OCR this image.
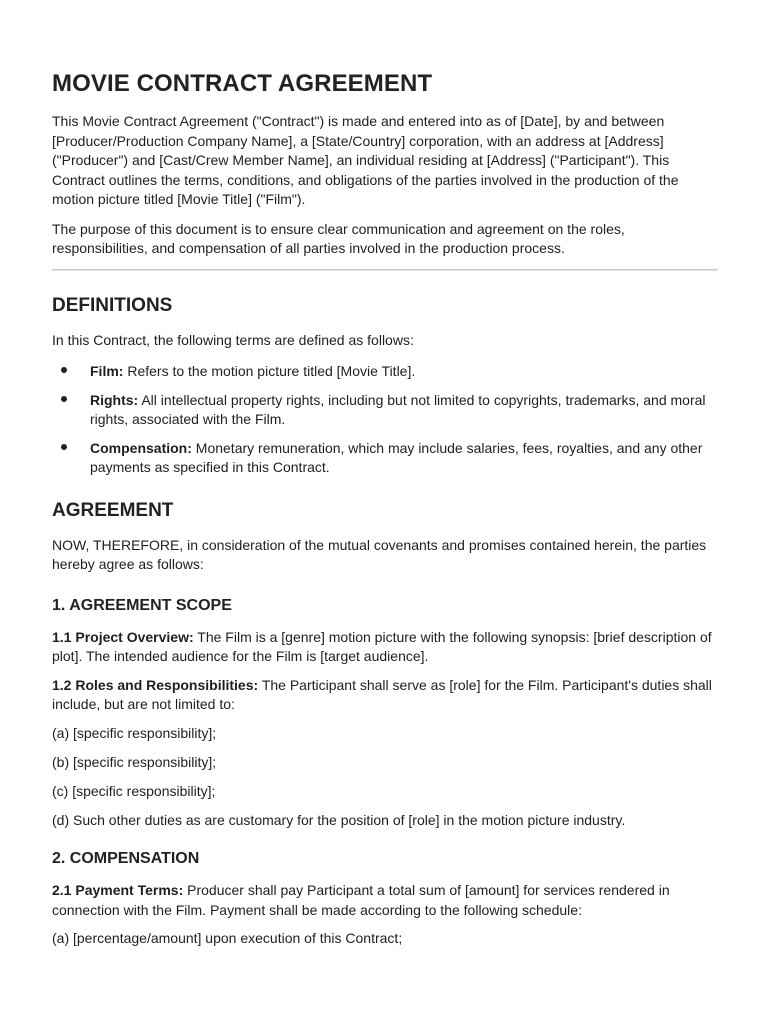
MOVIE CONTRACT AGREEMENT

This Movie Contract Agreement ("Contract") is made and entered into as of [Date], by and between [Producer/Production Company Name], a [State/Country] corporation, with an address at [Address] ("Producer") and [Cast/Crew Member Name], an individual residing at [Address] ("Participant"). This Contract outlines the terms, conditions, and obligations of the parties involved in the production of the motion picture titled [Movie Title] ("Film").

The purpose of this document is to ensure clear communication and agreement on the roles, responsibilities, and compensation of all parties involved in the production process.

DEFINITIONS

In this Contract, the following terms are defined as follows:

Film: Refers to the motion picture titled [Movie Title].
Rights: All intellectual property rights, including but not limited to copyrights, trademarks, and moral rights, associated with the Film.
Compensation: Monetary remuneration, which may include salaries, fees, royalties, and any other payments as specified in this Contract.
AGREEMENT

NOW, THEREFORE, in consideration of the mutual covenants and promises contained herein, the parties hereby agree as follows:

1. AGREEMENT SCOPE

1.1 Project Overview: The Film is a [genre] motion picture with the following synopsis: [brief description of plot]. The intended audience for the Film is [target audience].

1.2 Roles and Responsibilities: The Participant shall serve as [role] for the Film. Participant's duties shall include, but are not limited to:

(a) [specific responsibility];

(b) [specific responsibility];

(c) [specific responsibility];

(d) Such other duties as are customary for the position of [role] in the motion picture industry.

2. COMPENSATION

2.1 Payment Terms: Producer shall pay Participant a total sum of [amount] for services rendered in connection with the Film. Payment shall be made according to the following schedule:

(a) [percentage/amount] upon execution of this Contract;
